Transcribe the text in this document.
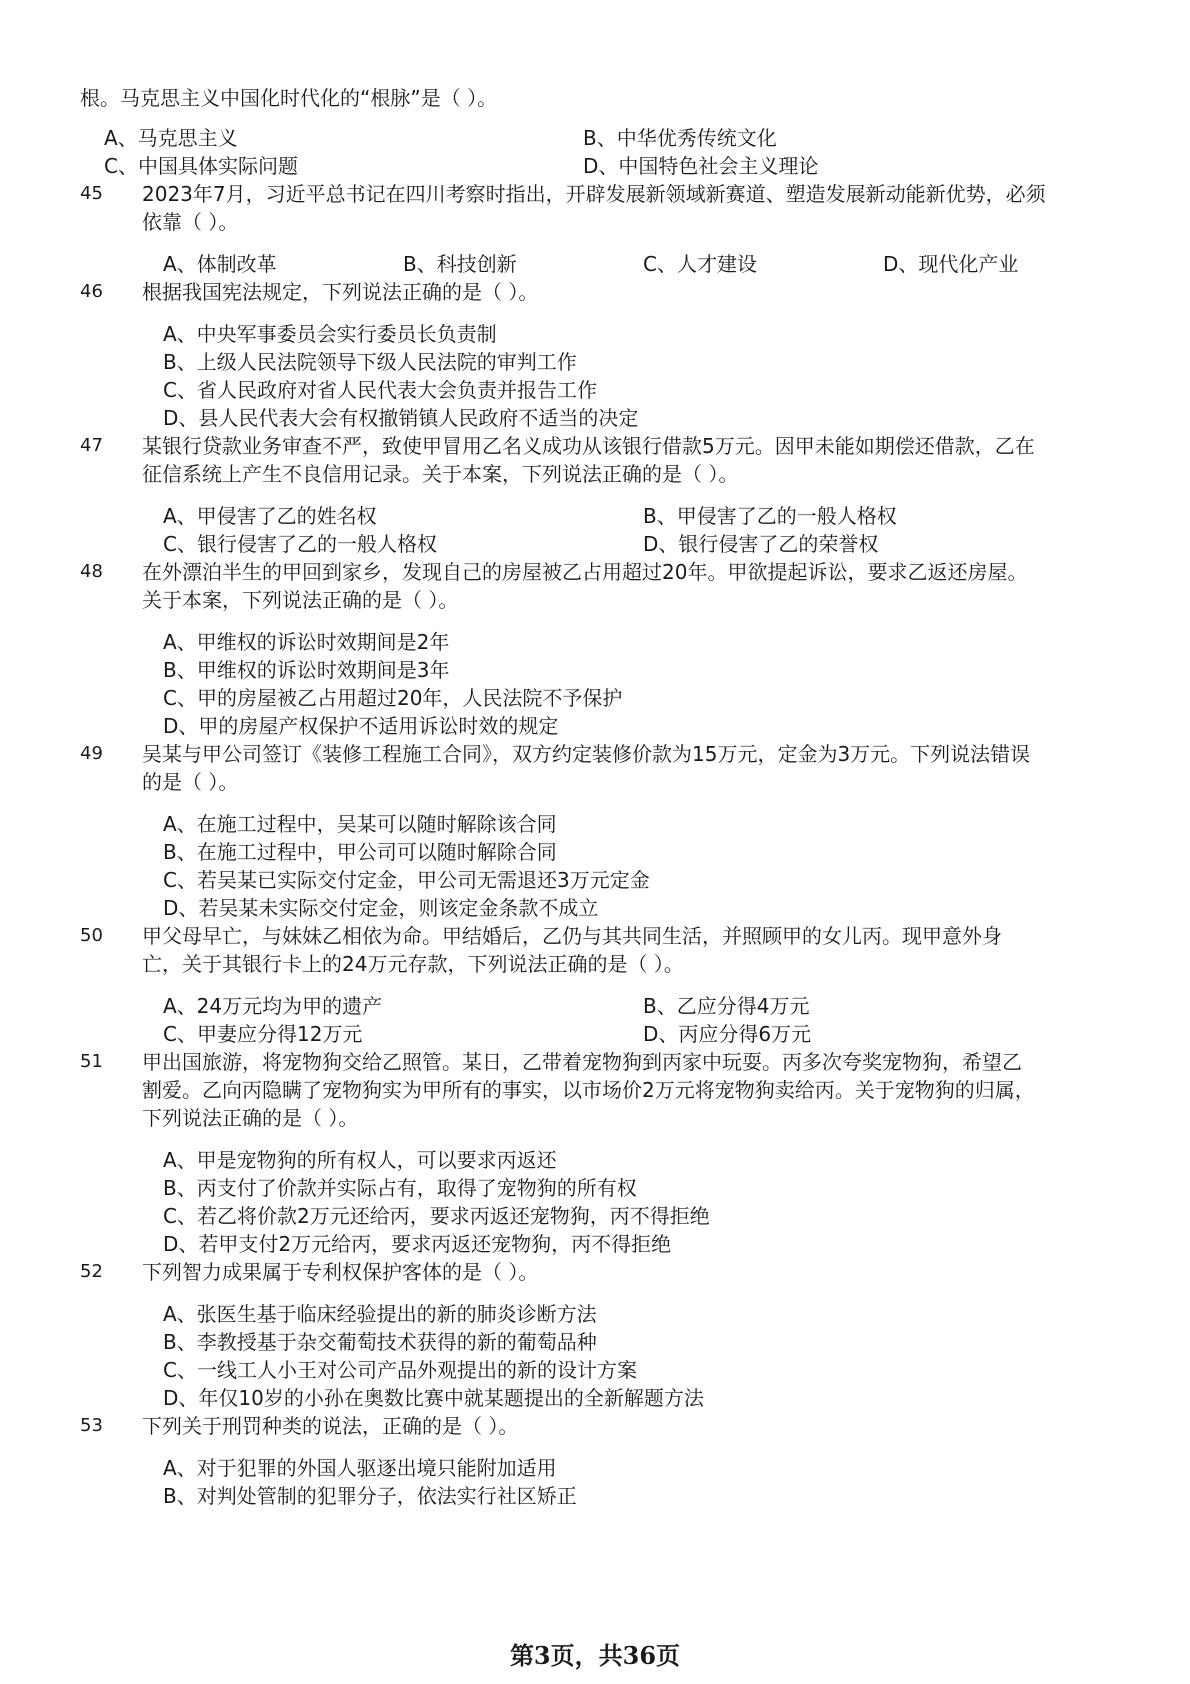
根。马克思主义中国化时代化的“根脉”是（ ）。
A、马克思主义	B、中华优秀传统文化
C、中国具体实际问题	D、中国特色社会主义理论
45 2023年7月，习近平总书记在四川考察时指出，开辟发展新领域新赛道、塑造发展新动能新优势，必须
依靠（ ）。
A、体制改革	B、科技创新	C、人才建设	D、现代化产业
46 根据我国宪法规定，下列说法正确的是（ ）。
A、中央军事委员会实行委员长负责制
B、上级人民法院领导下级人民法院的审判工作
C、省人民政府对省人民代表大会负责并报告工作
D、县人民代表大会有权撤销镇人民政府不适当的决定
47 某银行贷款业务审查不严，致使甲冒用乙名义成功从该银行借款5万元。因甲未能如期偿还借款，乙在
征信系统上产生不良信用记录。关于本案，下列说法正确的是（ ）。
A、甲侵害了乙的姓名权	B、甲侵害了乙的一般人格权
C、银行侵害了乙的一般人格权	D、银行侵害了乙的荣誉权
48 在外漂泊半生的甲回到家乡，发现自己的房屋被乙占用超过20年。甲欲提起诉讼，要求乙返还房屋。
关于本案，下列说法正确的是（ ）。
A、甲维权的诉讼时效期间是2年
B、甲维权的诉讼时效期间是3年
C、甲的房屋被乙占用超过20年，人民法院不予保护
D、甲的房屋产权保护不适用诉讼时效的规定
49 吴某与甲公司签订《装修工程施工合同》，双方约定装修价款为15万元，定金为3万元。下列说法错误
的是（ ）。
A、在施工过程中，吴某可以随时解除该合同
B、在施工过程中，甲公司可以随时解除合同
C、若吴某已实际交付定金，甲公司无需退还3万元定金
D、若吴某未实际交付定金，则该定金条款不成立
50 甲父母早亡，与妹妹乙相依为命。甲结婚后，乙仍与其共同生活，并照顾甲的女儿丙。现甲意外身
亡，关于其银行卡上的24万元存款，下列说法正确的是（ ）。
A、24万元均为甲的遗产	B、乙应分得4万元
C、甲妻应分得12万元	D、丙应分得6万元
51 甲出国旅游，将宠物狗交给乙照管。某日，乙带着宠物狗到丙家中玩耍。丙多次夸奖宠物狗，希望乙
割爱。乙向丙隐瞒了宠物狗实为甲所有的事实，以市场价2万元将宠物狗卖给丙。关于宠物狗的归属，
下列说法正确的是（ ）。
A、甲是宠物狗的所有权人，可以要求丙返还
B、丙支付了价款并实际占有，取得了宠物狗的所有权
C、若乙将价款2万元还给丙，要求丙返还宠物狗，丙不得拒绝
D、若甲支付2万元给丙，要求丙返还宠物狗，丙不得拒绝
52 下列智力成果属于专利权保护客体的是（ ）。
A、张医生基于临床经验提出的新的肺炎诊断方法
B、李教授基于杂交葡萄技术获得的新的葡萄品种
C、一线工人小王对公司产品外观提出的新的设计方案
D、年仅10岁的小孙在奥数比赛中就某题提出的全新解题方法
53 下列关于刑罚种类的说法，正确的是（ ）。
A、对于犯罪的外国人驱逐出境只能附加适用
B、对判处管制的犯罪分子，依法实行社区矫正
第3页，共36页
